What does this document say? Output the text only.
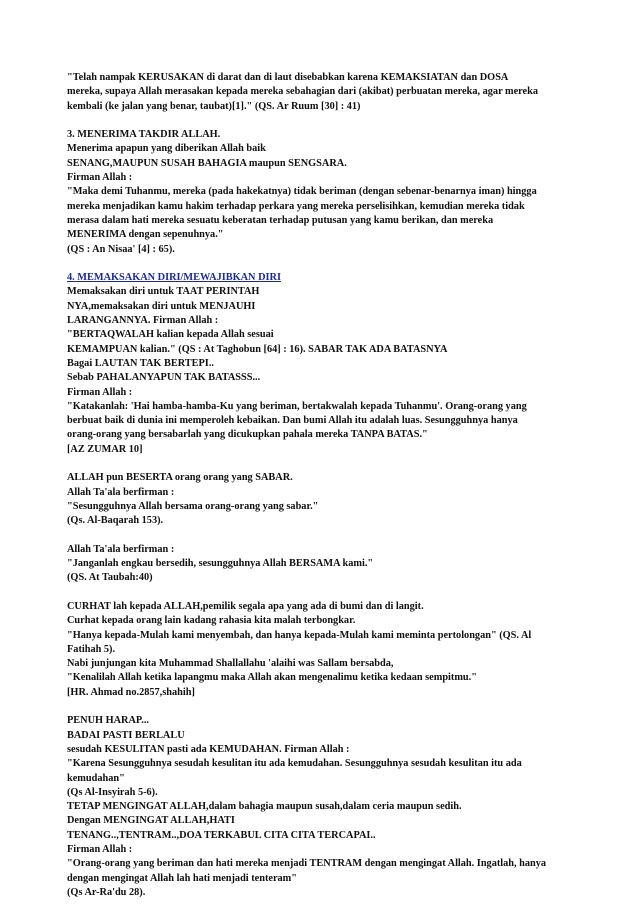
"Telah nampak KERUSAKAN di darat dan di laut disebabkan karena KEMAKSIATAN dan DOSA
mereka, supaya Allah merasakan kepada mereka sebahagian dari (akibat) perbuatan mereka, agar mereka
kembali (ke jalan yang benar, taubat)[1]." (QS. Ar Ruum [30] : 41)

3. MENERIMA TAKDIR ALLAH.
Menerima apapun yang diberikan Allah baik
SENANG,MAUPUN SUSAH BAHAGIA maupun SENGSARA.
Firman Allah :
"Maka demi Tuhanmu, mereka (pada hakekatnya) tidak beriman (dengan sebenar-benarnya iman) hingga
mereka menjadikan kamu hakim terhadap perkara yang mereka perselisihkan, kemudian mereka tidak
merasa dalam hati mereka sesuatu keberatan terhadap putusan yang kamu berikan, dan mereka
MENERIMA dengan sepenuhnya."
(QS : An Nisaa' [4] : 65).

4. MEMAKSAKAN DIRI/MEWAJIBKAN DIRI
Memaksakan diri untuk TAAT PERINTAH
NYA,memaksakan diri untuk MENJAUHI
LARANGANNYA. Firman Allah :
"BERTAQWALAH kalian kepada Allah sesuai
KEMAMPUAN kalian." (QS : At Taghobun [64] : 16). SABAR TAK ADA BATASNYA
Bagai LAUTAN TAK BERTEPI..
Sebab PAHALANYAPUN TAK BATASSS...
Firman Allah :
"Katakanlah: 'Hai hamba-hamba-Ku yang beriman, bertakwalah kepada Tuhanmu'. Orang-orang yang
berbuat baik di dunia ini memperoleh kebaikan. Dan bumi Allah itu adalah luas. Sesungguhnya hanya
orang-orang yang bersabarlah yang dicukupkan pahala mereka TANPA BATAS."
[AZ ZUMAR 10]

ALLAH pun BESERTA orang orang yang SABAR.
Allah Ta'ala berfirman :
"Sesungguhnya Allah bersama orang-orang yang sabar."
(Qs. Al-Baqarah 153).

Allah Ta'ala berfirman :
"Janganlah engkau bersedih, sesungguhnya Allah BERSAMA kami."
(QS. At Taubah:40)

CURHAT lah kepada ALLAH,pemilik segala apa yang ada di bumi dan di langit.
Curhat kepada orang lain kadang rahasia kita malah terbongkar.
"Hanya kepada-Mulah kami menyembah, dan hanya kepada-Mulah kami meminta pertolongan" (QS. Al
Fatihah 5).
Nabi junjungan kita Muhammad Shallallahu 'alaihi was Sallam bersabda,
"Kenalilah Allah ketika lapangmu maka Allah akan mengenalimu ketika kedaan sempitmu."
[HR. Ahmad no.2857,shahih]

PENUH HARAP...
BADAI PASTI BERLALU
sesudah KESULITAN pasti ada KEMUDAHAN. Firman Allah :
"Karena Sesungguhnya sesudah kesulitan itu ada kemudahan. Sesungguhnya sesudah kesulitan itu ada
kemudahan"
(Qs Al-Insyirah 5-6).
TETAP MENGINGAT ALLAH,dalam bahagia maupun susah,dalam ceria maupun sedih.
Dengan MENGINGAT ALLAH,HATI
TENANG..,TENTRAM..,DOA TERKABUL CITA CITA TERCAPAI..
Firman Allah :
"Orang-orang yang beriman dan hati mereka menjadi TENTRAM dengan mengingat Allah. Ingatlah, hanya
dengan mengingat Allah lah hati menjadi tenteram"
(Qs Ar-Ra'du 28).
